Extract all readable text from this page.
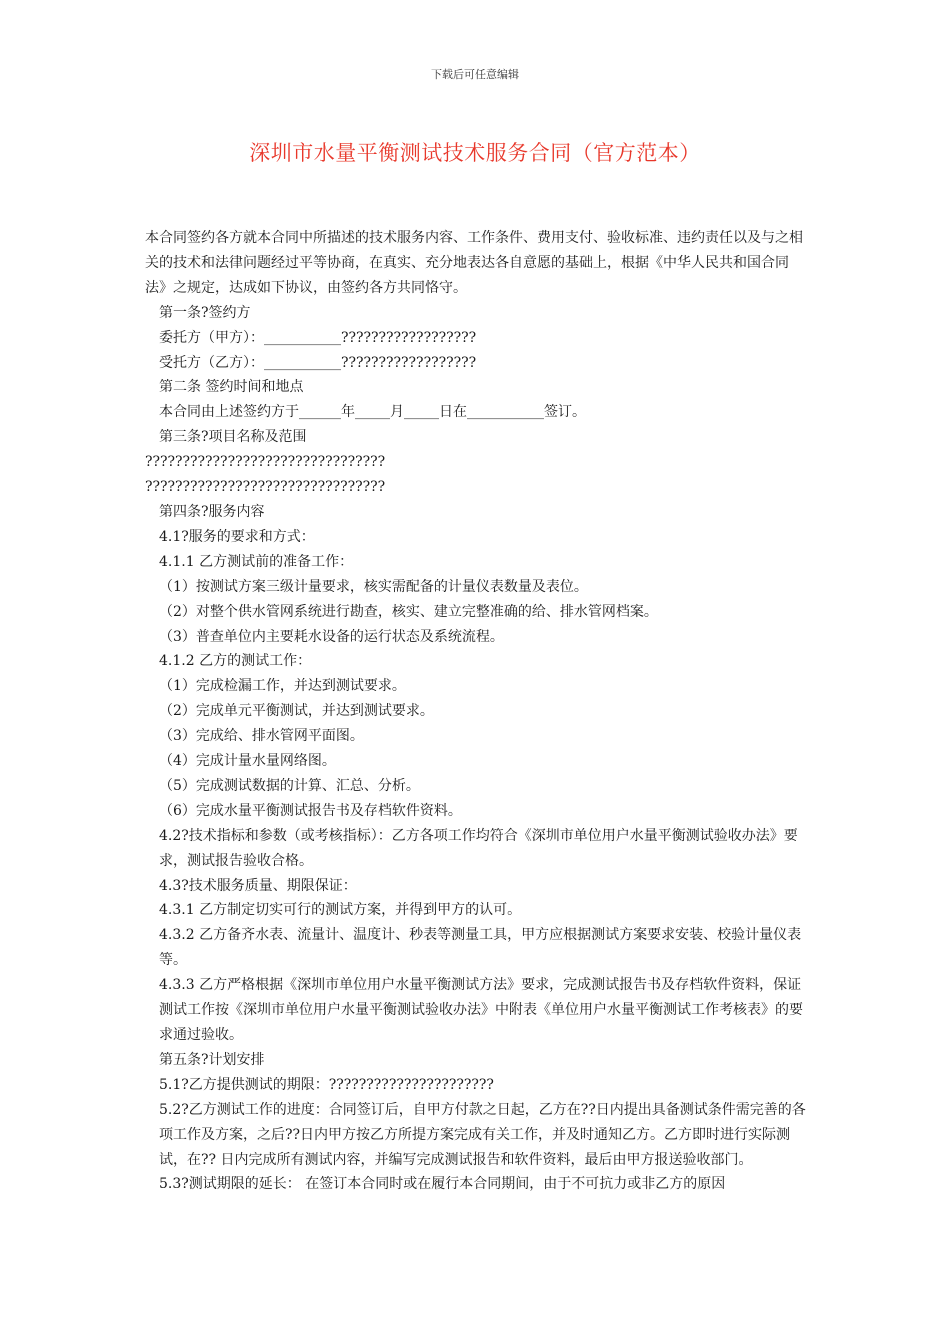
下载后可任意编辑
深圳市水量平衡测试技术服务合同（官方范本）

本合同签约各方就本合同中所描述的技术服务内容、工作条件、费用支付、验收标准、违约责任以及与之相关的技术和法律问题经过平等协商，在真实、充分地表达各自意愿的基础上，根据《中华人民共和国合同法》之规定，达成如下协议，由签约各方共同恪守。

第一条?签约方

委托方（甲方）：___________??????????????????

受托方（乙方）：___________??????????????????

第二条 签约时间和地点

本合同由上述签约方于______年_____月_____日在___________签订。

第三条?项目名称及范围

????????????????????????????????

????????????????????????????????

第四条?服务内容

4.1?服务的要求和方式：

4.1.1 乙方测试前的准备工作：

（1）按测试方案三级计量要求，核实需配备的计量仪表数量及表位。

（2）对整个供水管网系统进行勘查，核实、建立完整准确的给、排水管网档案。

（3）普查单位内主要耗水设备的运行状态及系统流程。

4.1.2 乙方的测试工作：

（1）完成检漏工作，并达到测试要求。

（2）完成单元平衡测试，并达到测试要求。

（3）完成给、排水管网平面图。

（4）完成计量水量网络图。

（5）完成测试数据的计算、汇总、分析。

（6）完成水量平衡测试报告书及存档软件资料。

4.2?技术指标和参数（或考核指标）：乙方各项工作均符合《深圳市单位用户水量平衡测试验收办法》要求，测试报告验收合格。

4.3?技术服务质量、期限保证：

4.3.1 乙方制定切实可行的测试方案，并得到甲方的认可。

4.3.2 乙方备齐水表、流量计、温度计、秒表等测量工具，甲方应根据测试方案要求安装、校验计量仪表等。

4.3.3 乙方严格根据《深圳市单位用户水量平衡测试方法》要求，完成测试报告书及存档软件资料，保证测试工作按《深圳市单位用户水量平衡测试验收办法》中附表《单位用户水量平衡测试工作考核表》的要求通过验收。

第五条?计划安排

5.1?乙方提供测试的期限：??????????????????????

5.2?乙方测试工作的进度：合同签订后，自甲方付款之日起，乙方在??日内提出具备测试条件需完善的各项工作及方案，之后??日内甲方按乙方所提方案完成有关工作，并及时通知乙方。乙方即时进行实际测试，在?? 日内完成所有测试内容，并编写完成测试报告和软件资料，最后由甲方报送验收部门。

5.3?测试期限的延长： 在签订本合同时或在履行本合同期间，由于不可抗力或非乙方的原因
